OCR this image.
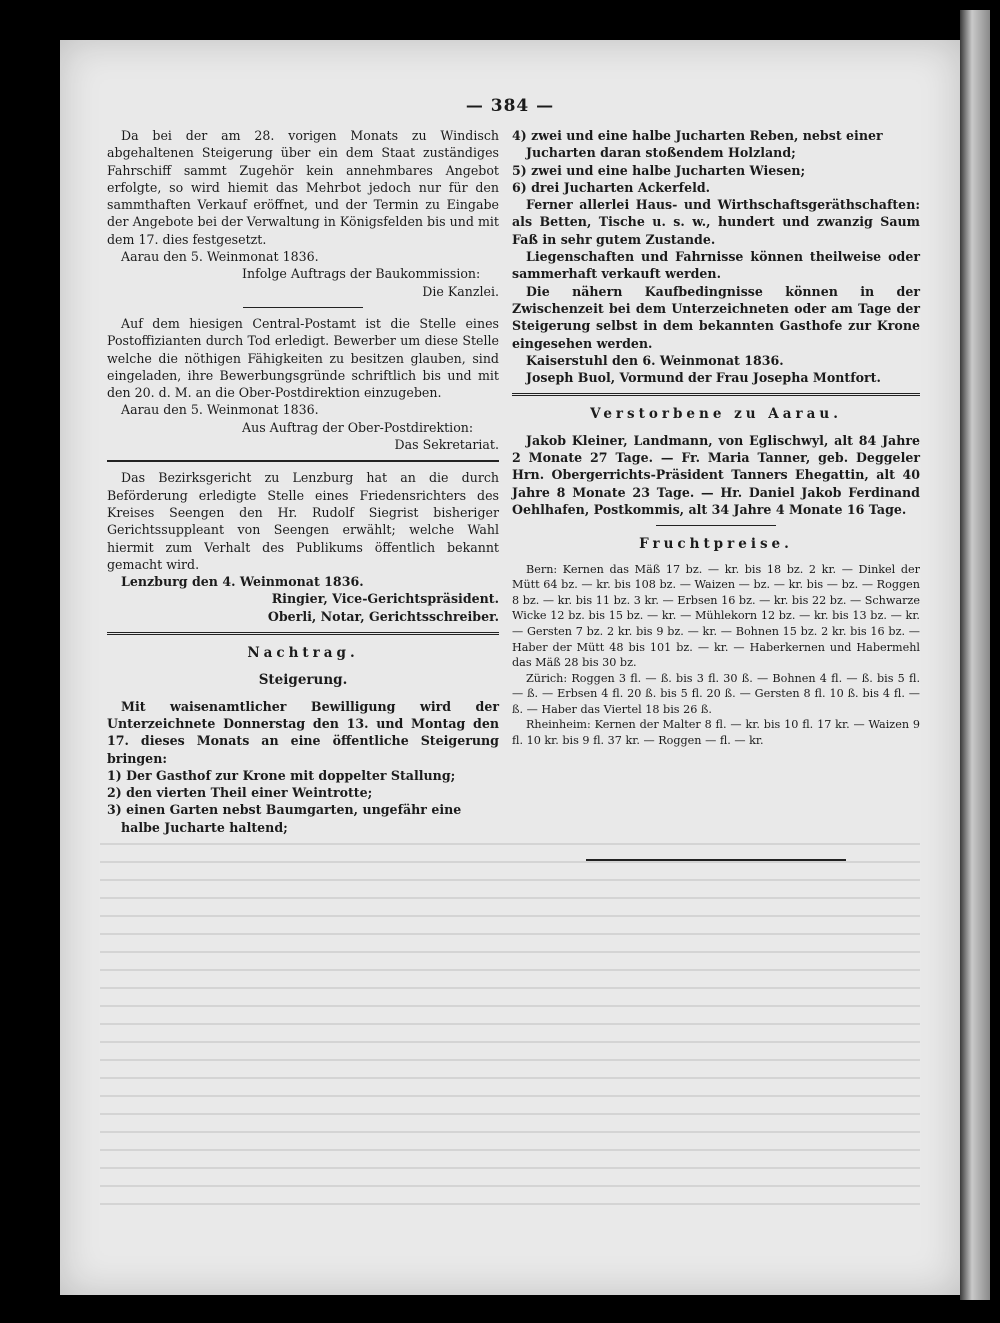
— 384 —

Da bei der am 28. vorigen Monats zu Windisch abgehaltenen Steigerung über ein dem Staat zuständiges Fahrschiff sammt Zugehör kein annehmbares Angebot erfolgte, so wird hiemit das Mehrbot jedoch nur für den sammthaften Verkauf eröffnet, und der Termin zu Eingabe der Angebote bei der Verwaltung in Königsfelden bis und mit dem 17. dies festgesetzt.

Aarau den 5. Weinmonat 1836.

Infolge Auftrags der Baukommission:

Die Kanzlei.

Auf dem hiesigen Central-Postamt ist die Stelle eines Postoffizianten durch Tod erledigt. Bewerber um diese Stelle welche die nöthigen Fähigkeiten zu besitzen glauben, sind eingeladen, ihre Bewerbungsgründe schriftlich bis und mit den 20. d. M. an die Ober-Postdirektion einzugeben.

Aarau den 5. Weinmonat 1836.

Aus Auftrag der Ober-Postdirektion:

Das Sekretariat.

Das Bezirksgericht zu Lenzburg hat an die durch Beförderung erledigte Stelle eines Friedensrichters des Kreises Seengen den Hr. Rudolf Siegrist bisheriger Gerichtssuppleant von Seengen erwählt; welche Wahl hiermit zum Verhalt des Publikums öffentlich bekannt gemacht wird.

Lenzburg den 4. Weinmonat 1836.

Ringier, Vice-Gerichtspräsident.

Oberli, Notar, Gerichtsschreiber.

Nachtrag.
Steigerung.

Mit waisenamtlicher Bewilligung wird der Unterzeichnete Donnerstag den 13. und Montag den 17. dieses Monats an eine öffentliche Steigerung bringen:

1) Der Gasthof zur Krone mit doppelter Stallung;

2) den vierten Theil einer Weintrotte;

3) einen Garten nebst Baumgarten, ungefähr eine halbe Jucharte haltend;

4) zwei und eine halbe Jucharten Reben, nebst einer Jucharten daran stoßendem Holzland;

5) zwei und eine halbe Jucharten Wiesen;

6) drei Jucharten Ackerfeld.

Ferner allerlei Haus- und Wirthschaftsgeräthschaften: als Betten, Tische u. s. w., hundert und zwanzig Saum Faß in sehr gutem Zustande.

Liegenschaften und Fahrnisse können theilweise oder sammerhaft verkauft werden.

Die nähern Kaufbedingnisse können in der Zwischenzeit bei dem Unterzeichneten oder am Tage der Steigerung selbst in dem bekannten Gasthofe zur Krone eingesehen werden.

Kaiserstuhl den 6. Weinmonat 1836.

Joseph Buol, Vormund der Frau Josepha Montfort.

Verstorbene zu Aarau.

Jakob Kleiner, Landmann, von Eglischwyl, alt 84 Jahre 2 Monate 27 Tage. — Fr. Maria Tanner, geb. Deggeler Hrn. Obergerrichts-Präsident Tanners Ehegattin, alt 40 Jahre 8 Monate 23 Tage. — Hr. Daniel Jakob Ferdinand Oehlhafen, Postkommis, alt 34 Jahre 4 Monate 16 Tage.

Fruchtpreise.

Bern: Kernen das Mäß 17 bz. — kr. bis 18 bz. 2 kr. — Dinkel der Mütt 64 bz. — kr. bis 108 bz. — Waizen — bz. — kr. bis — bz. — Roggen 8 bz. — kr. bis 11 bz. 3 kr. — Erbsen 16 bz. — kr. bis 22 bz. — Schwarze Wicke 12 bz. bis 15 bz. — kr. — Mühlekorn 12 bz. — kr. bis 13 bz. — kr. — Gersten 7 bz. 2 kr. bis 9 bz. — kr. — Bohnen 15 bz. 2 kr. bis 16 bz. — Haber der Mütt 48 bis 101 bz. — kr. — Haberkernen und Habermehl das Mäß 28 bis 30 bz.

Zürich: Roggen 3 fl. — ß. bis 3 fl. 30 ß. — Bohnen 4 fl. — ß. bis 5 fl. — ß. — Erbsen 4 fl. 20 ß. bis 5 fl. 20 ß. — Gersten 8 fl. 10 ß. bis 4 fl. — ß. — Haber das Viertel 18 bis 26 ß.

Rheinheim: Kernen der Malter 8 fl. — kr. bis 10 fl. 17 kr. — Waizen 9 fl. 10 kr. bis 9 fl. 37 kr. — Roggen — fl. — kr.
